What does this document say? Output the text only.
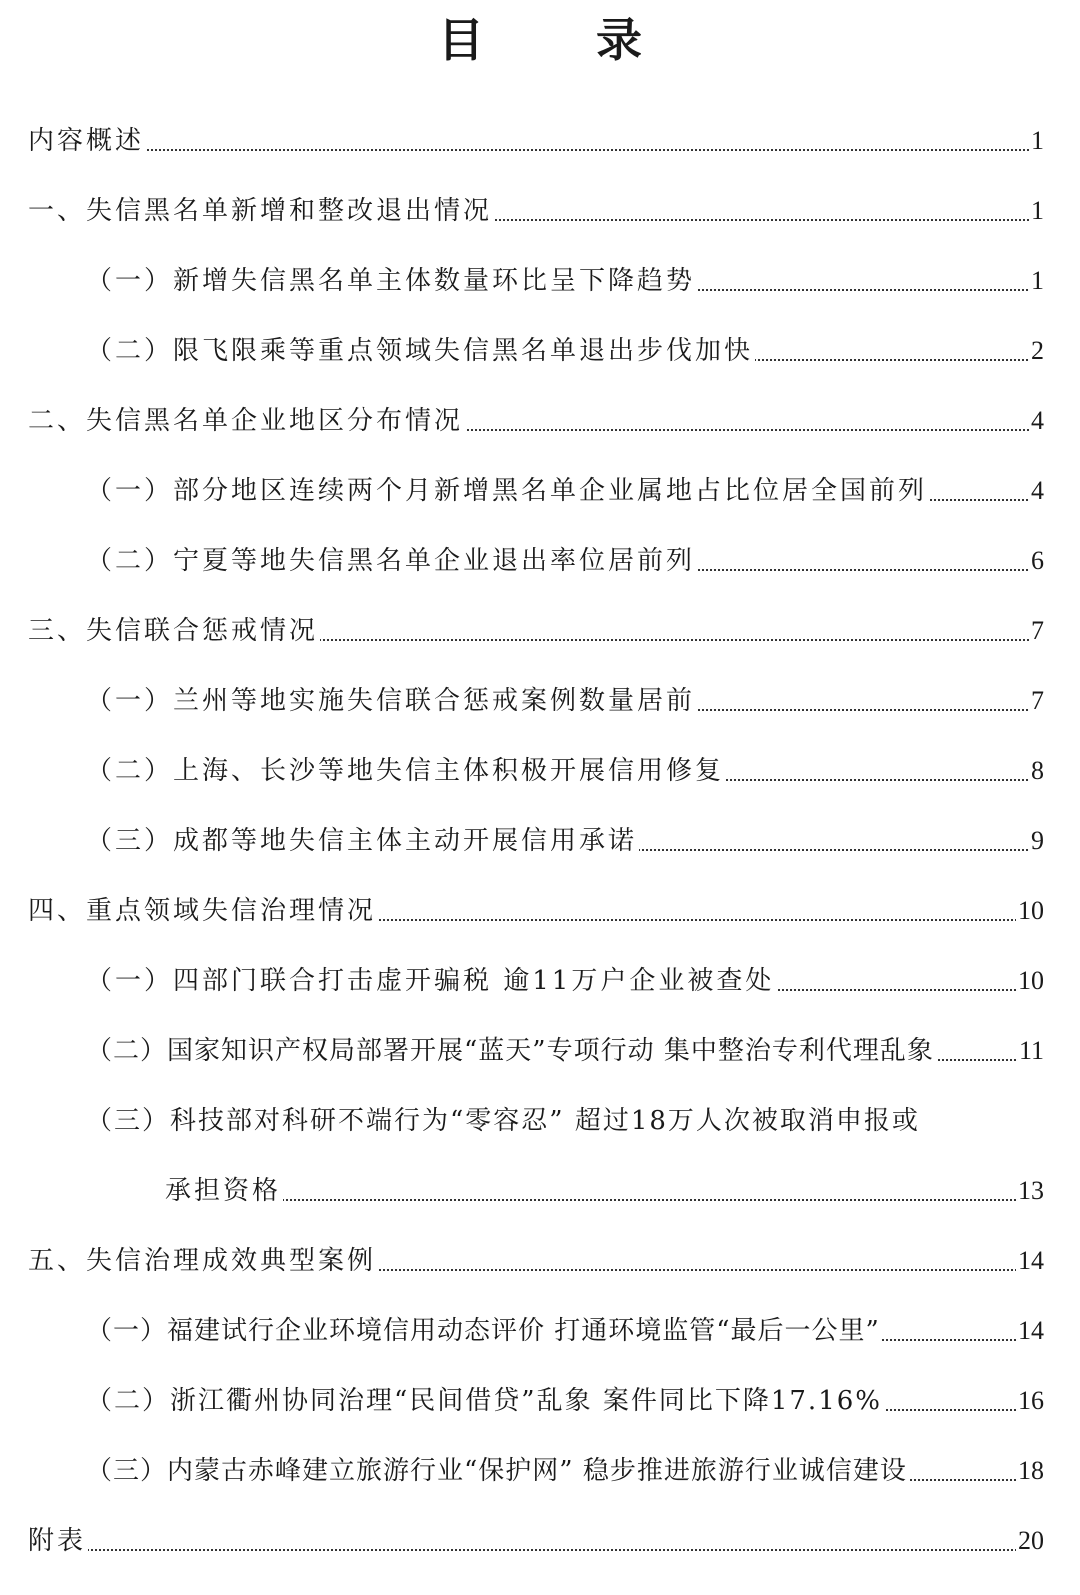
目 录
内容概述	1
一、失信黑名单新增和整改退出情况	1
（一）新增失信黑名单主体数量环比呈下降趋势	1
（二）限飞限乘等重点领域失信黑名单退出步伐加快	2
二、失信黑名单企业地区分布情况	4
（一）部分地区连续两个月新增黑名单企业属地占比位居全国前列	4
（二）宁夏等地失信黑名单企业退出率位居前列	6
三、失信联合惩戒情况	7
（一）兰州等地实施失信联合惩戒案例数量居前	7
（二）上海、长沙等地失信主体积极开展信用修复	8
（三）成都等地失信主体主动开展信用承诺	9
四、重点领域失信治理情况	10
（一）四部门联合打击虚开骗税 逾11万户企业被查处	10
（二）国家知识产权局部署开展“蓝天”专项行动 集中整治专利代理乱象	11
（三）科技部对科研不端行为“零容忍” 超过18万人次被取消申报或
承担资格	13
五、失信治理成效典型案例	14
（一）福建试行企业环境信用动态评价 打通环境监管“最后一公里”	14
（二）浙江衢州协同治理“民间借贷”乱象 案件同比下降17.16%	16
（三）内蒙古赤峰建立旅游行业“保护网” 稳步推进旅游行业诚信建设	18
附表	20
